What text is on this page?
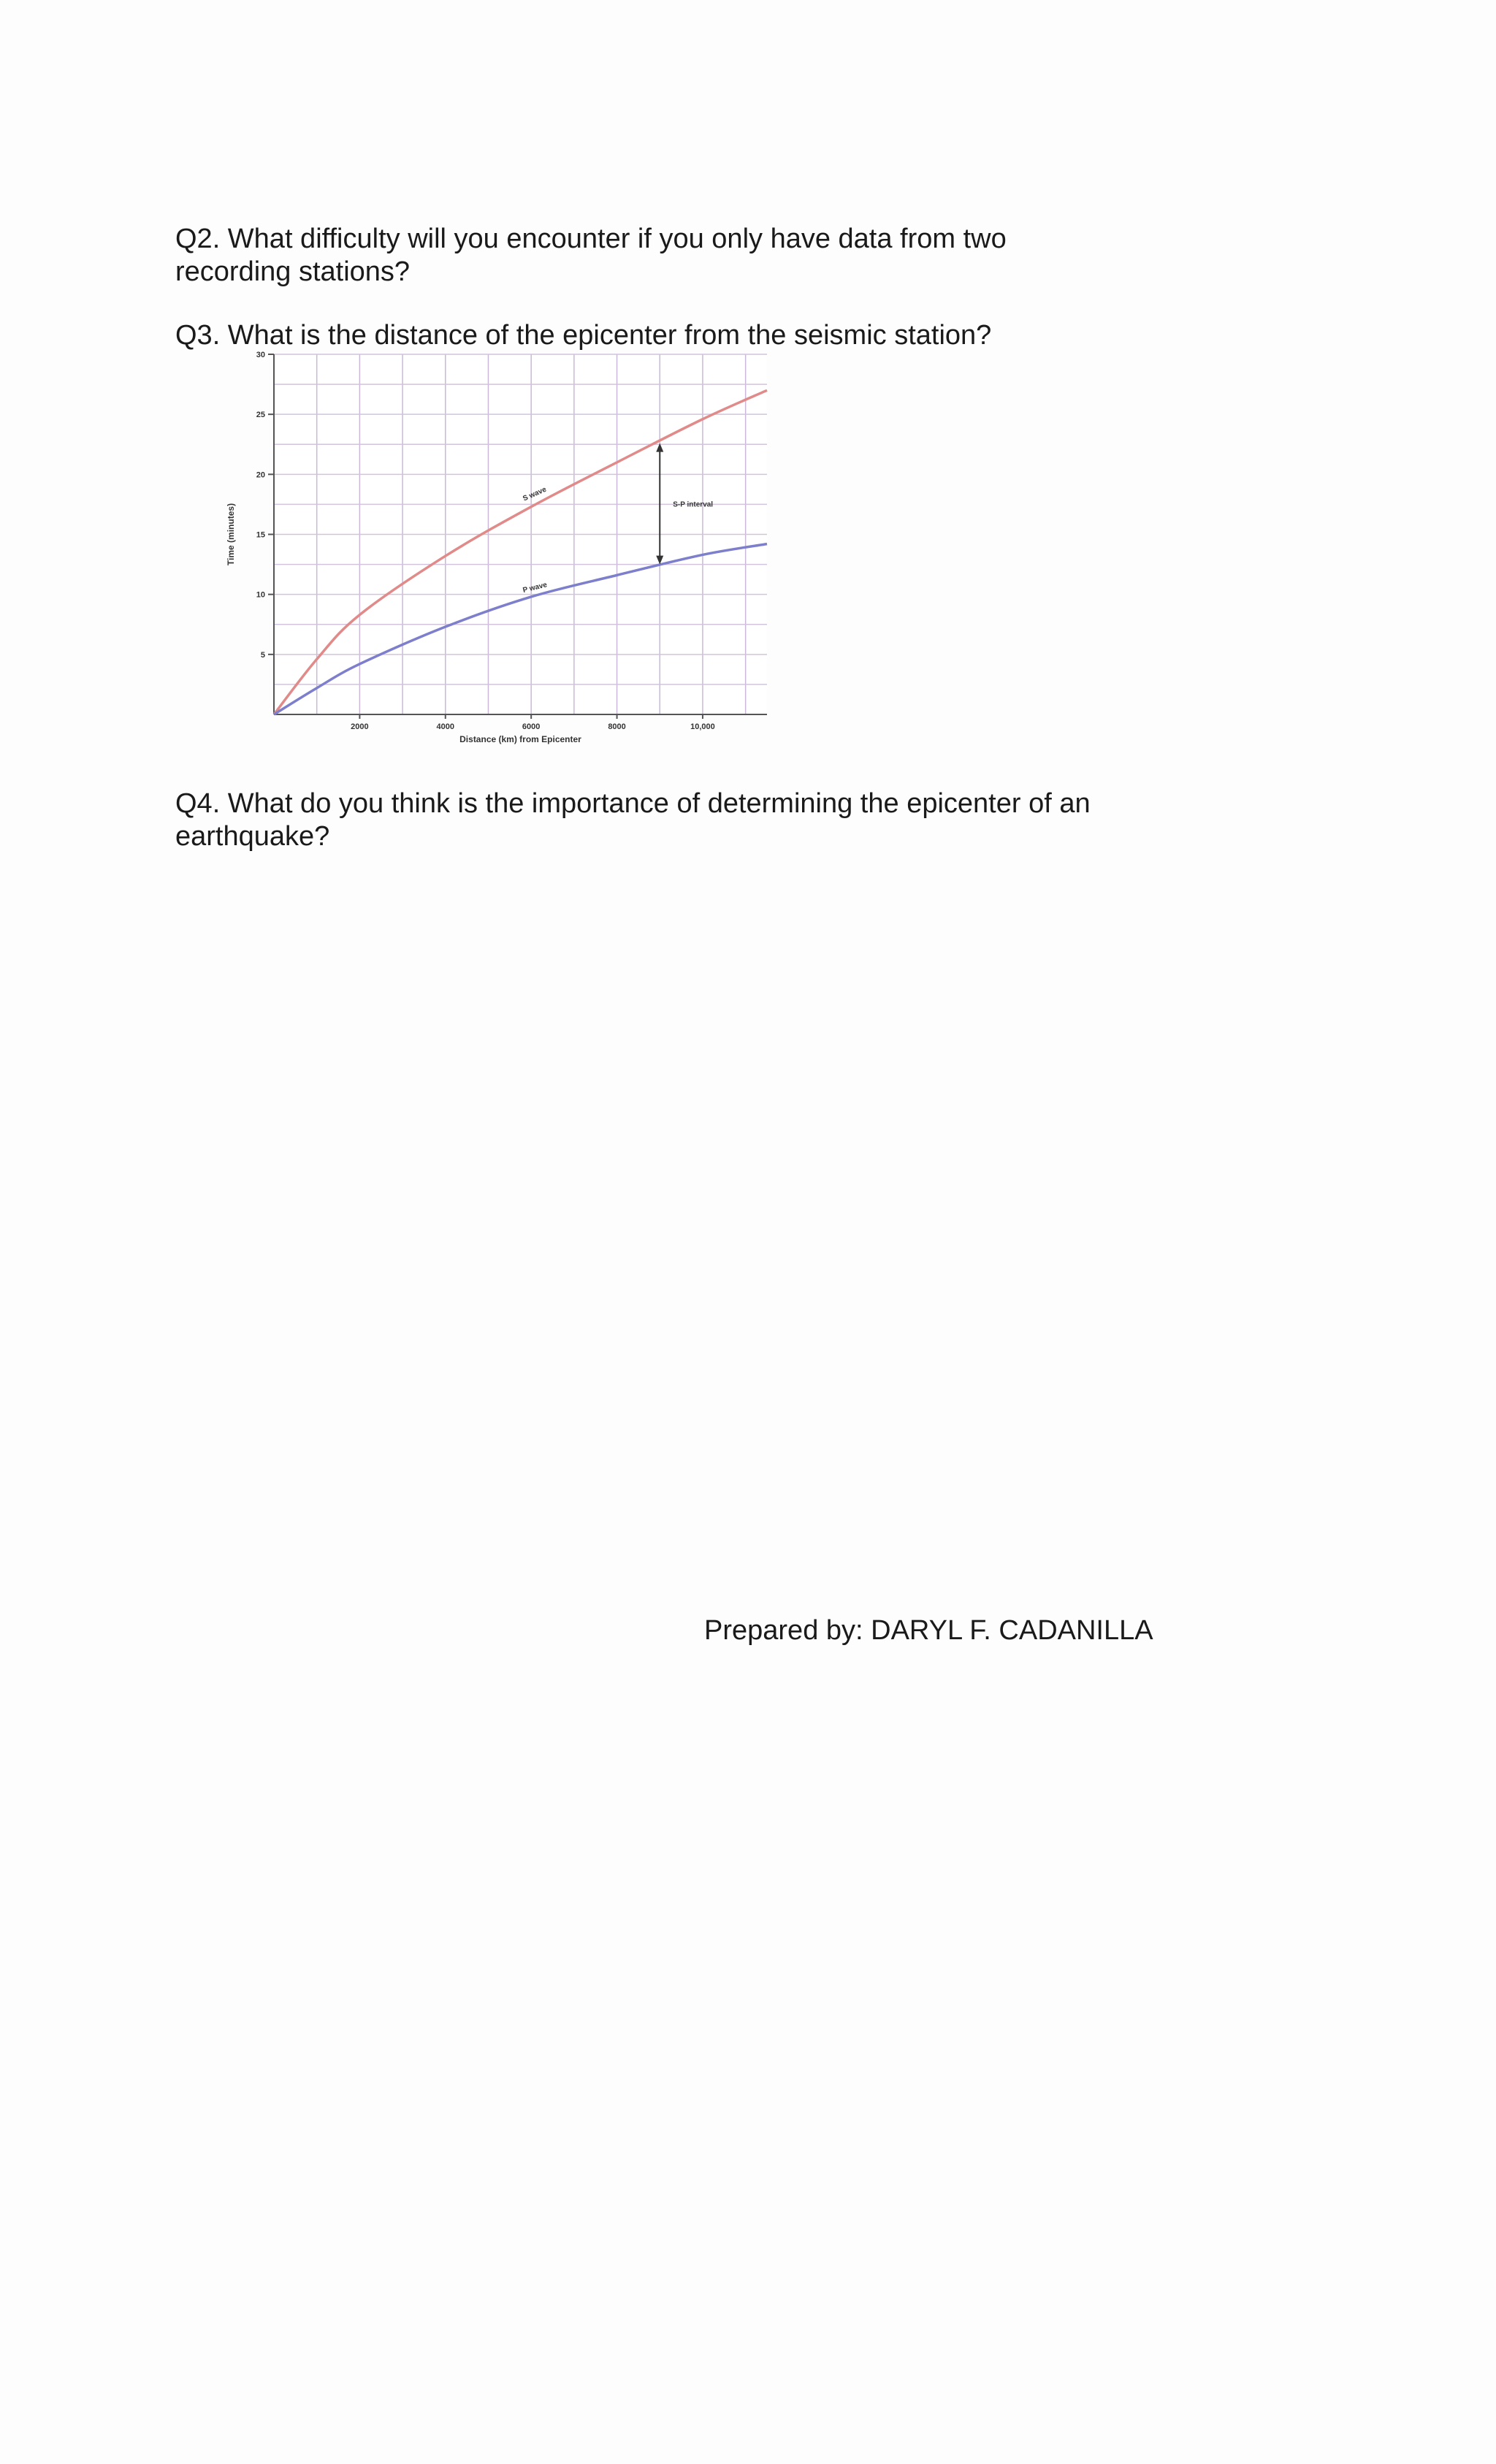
Q2. What difficulty will you encounter if you only have data from two recording stations?

Q3. What is the distance of the epicenter from the seismic station?

5
10
15
20
25
30
2000	4000	6000	8000	10,000
Distance (km) from Epicenter
Time (minutes)
S wave
P wave
S-P interval

Q4. What do you think is the importance of determining the epicenter of an earthquake?

Prepared by: DARYL F. CADANILLA
